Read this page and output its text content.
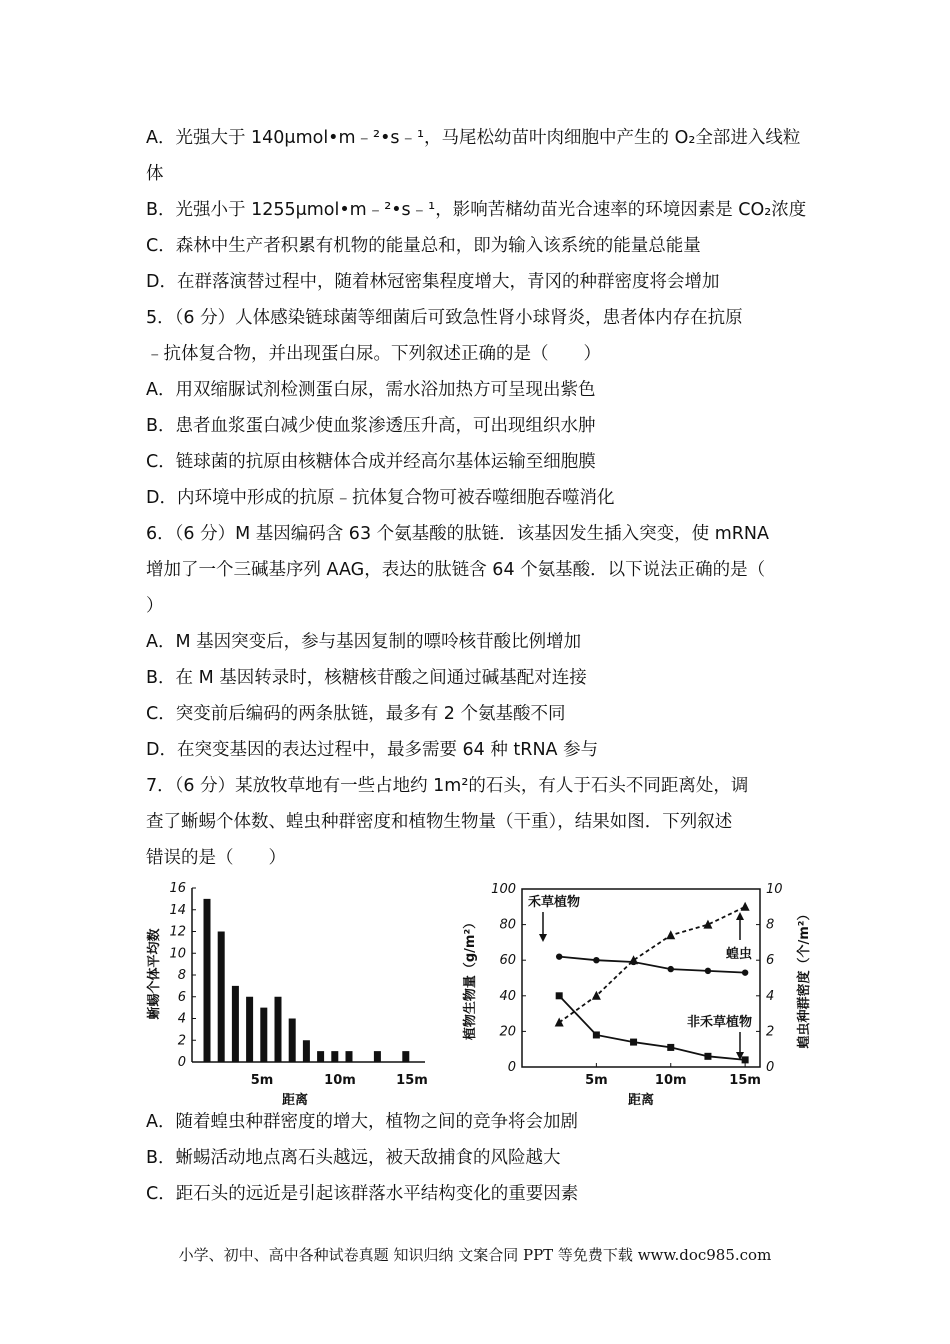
A．光强大于 140μmol•m﹣²•s﹣¹，马尾松幼苗叶肉细胞中产生的 O₂全部进入线粒
体
B．光强小于 1255μmol•m﹣²•s﹣¹，影响苦槠幼苗光合速率的环境因素是 CO₂浓度
C．森林中生产者积累有机物的能量总和，即为输入该系统的能量总能量
D．在群落演替过程中，随着林冠密集程度增大，青冈的种群密度将会增加
5．（6 分）人体感染链球菌等细菌后可致急性肾小球肾炎，患者体内存在抗原
﹣抗体复合物，并出现蛋白尿。下列叙述正确的是（　　）
A．用双缩脲试剂检测蛋白尿，需水浴加热方可呈现出紫色
B．患者血浆蛋白减少使血浆渗透压升高，可出现组织水肿
C．链球菌的抗原由核糖体合成并经高尔基体运输至细胞膜
D．内环境中形成的抗原﹣抗体复合物可被吞噬细胞吞噬消化
6．（6 分）M 基因编码含 63 个氨基酸的肽链．该基因发生插入突变，使 mRNA
增加了一个三碱基序列 AAG，表达的肽链含 64 个氨基酸．以下说法正确的是（
）
A．M 基因突变后，参与基因复制的嘌呤核苷酸比例增加
B．在 M 基因转录时，核糖核苷酸之间通过碱基配对连接
C．突变前后编码的两条肽链，最多有 2 个氨基酸不同
D．在突变基因的表达过程中，最多需要 64 种 tRNA 参与
7．（6 分）某放牧草地有一些占地约 1m²的石头，有人于石头不同距离处，调
查了蜥蜴个体数、蝗虫种群密度和植物生物量（干重），结果如图．下列叙述
错误的是（　　）
0
2
4
6
8
10
12
14
16
5m	10m	15m
距离
蜥蜴个体平均数
0
20
40
60
80
100
0
2
4
6
8
10
5m	10m	15m
距离
植物生物量（g/m²）	蝗虫种群密度（个/m²）
禾草植物
蝗虫
非禾草植物
A．随着蝗虫种群密度的增大，植物之间的竞争将会加剧
B．蜥蜴活动地点离石头越远，被天敌捕食的风险越大
C．距石头的远近是引起该群落水平结构变化的重要因素
小学、初中、高中各种试卷真题 知识归纳 文案合同 PPT 等免费下载 www.doc985.com
